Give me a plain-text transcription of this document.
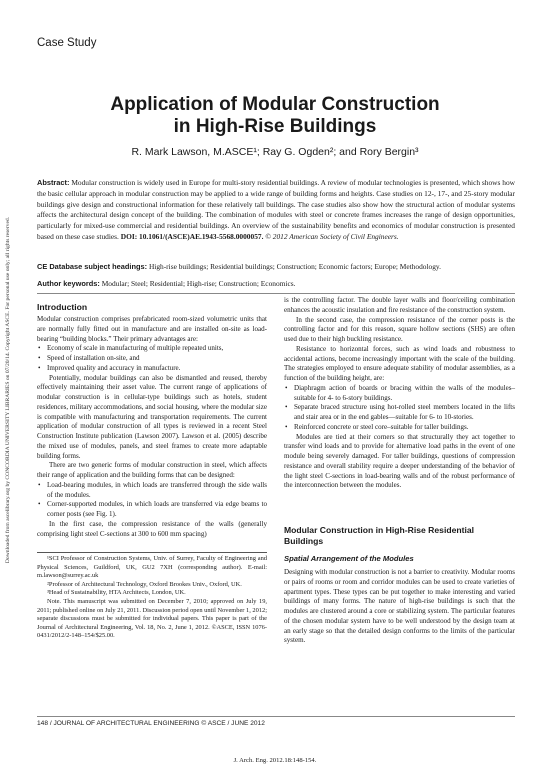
Case Study
Application of Modular Construction
in High-Rise Buildings
R. Mark Lawson, M.ASCE¹; Ray G. Ogden²; and Rory Bergin³
Downloaded from ascelibrary.org by CONCORDIA UNIVERSITY LIBRARIES on 07/20/14. Copyright ASCE. For personal use only; all rights reserved.
Abstract: Modular construction is widely used in Europe for multi-story residential buildings. A review of modular technologies is presented, which shows how the basic cellular approach in modular construction may be applied to a wide range of building forms and heights. Case studies on 12-, 17-, and 25-story modular buildings give design and constructional information for these relatively tall buildings. The case studies also show how the structural action of modular systems affects the architectural design concept of the building. The combination of modules with steel or concrete frames increases the range of design opportunities, particularly for mixed-use commercial and residential buildings. An overview of the sustainability benefits and economics of modular construction is presented based on these case studies. DOI: 10.1061/(ASCE)AE.1943-5568.0000057. © 2012 American Society of Civil Engineers.
CE Database subject headings: High-rise buildings; Residential buildings; Construction; Economic factors; Europe; Methodology.
Author keywords: Modular; Steel; Residential; High-rise; Construction; Economics.
Introduction

Modular construction comprises prefabricated room-sized volumetric units that are normally fully fitted out in manufacture and are installed on-site as load-bearing “building blocks.” Their primary advantages are:

• Economy of scale in manufacturing of multiple repeated units,
• Speed of installation on-site, and
• Improved quality and accuracy in manufacture.

Potentially, modular buildings can also be dismantled and reused, thereby effectively maintaining their asset value. The current range of applications of modular construction is in cellular-type buildings such as hotels, student residences, military accommodations, and social housing, where the modular size is compatible with manufacturing and transportation requirements. The current application of modular construction of all types is reviewed in a recent Steel Construction Institute publication (Lawson 2007). Lawson et al. (2005) describe the mixed use of modules, panels, and steel frames to create more adaptable building forms.

There are two generic forms of modular construction in steel, which affects their range of application and the building forms that can be designed:

• Load-bearing modules, in which loads are transferred through the side walls of the modules.
• Corner-supported modules, in which loads are transferred via edge beams to corner posts (see Fig. 1).

In the first case, the compression resistance of the walls (generally comprising light steel C-sections at 300 to 600 mm spacing)

¹SCI Professor of Construction Systems, Univ. of Surrey, Faculty of Engineering and Physical Sciences, Guildford, UK, GU2 7XH (corresponding author). E-mail: m.lawson@surrey.ac.uk

²Professor of Architectural Technology, Oxford Brookes Univ., Oxford, UK.

³Head of Sustainability, HTA Architects, London, UK.

Note. This manuscript was submitted on December 7, 2010; approved on July 19, 2011; published online on July 21, 2011. Discussion period open until November 1, 2012; separate discussions must be submitted for individual papers. This paper is part of the Journal of Architectural Engineering, Vol. 18, No. 2, June 1, 2012. ©ASCE, ISSN 1076-0431/2012/2-148–154/$25.00.

is the controlling factor. The double layer walls and floor/ceiling combination enhances the acoustic insulation and fire resistance of the construction system.

In the second case, the compression resistance of the corner posts is the controlling factor and for this reason, square hollow sections (SHS) are often used due to their high buckling resistance.

Resistance to horizontal forces, such as wind loads and robustness to accidental actions, become increasingly important with the scale of the building. The strategies employed to ensure adequate stability of modular assemblies, as a function of the building height, are:

• Diaphragm action of boards or bracing within the walls of the modules–suitable for 4- to 6-story buildings.
• Separate braced structure using hot-rolled steel members located in the lifts and stair area or in the end gables—suitable for 6- to 10-stories.
• Reinforced concrete or steel core–suitable for taller buildings.

Modules are tied at their corners so that structurally they act together to transfer wind loads and to provide for alternative load paths in the event of one module being severely damaged. For taller buildings, questions of compression resistance and overall stability require a deeper understanding of the behavior of the light steel C-sections in load-bearing walls and of the robust performance of the interconnection between the modules.

Modular Construction in High-Rise Residential Buildings
Spatial Arrangement of the Modules

Designing with modular construction is not a barrier to creativity. Modular rooms or pairs of rooms or room and corridor modules can be used to create varieties of apartment types. These types can be put together to make interesting and varied buildings of many forms. The nature of high-rise buildings is such that the modules are clustered around a core or stabilizing system. The particular features of the chosen modular system have to be well understood by the design team at an early stage so that the detailed design conforms to the limits of the particular system.

148 / JOURNAL OF ARCHITECTURAL ENGINEERING © ASCE / JUNE 2012
J. Arch. Eng. 2012.18:148-154.
